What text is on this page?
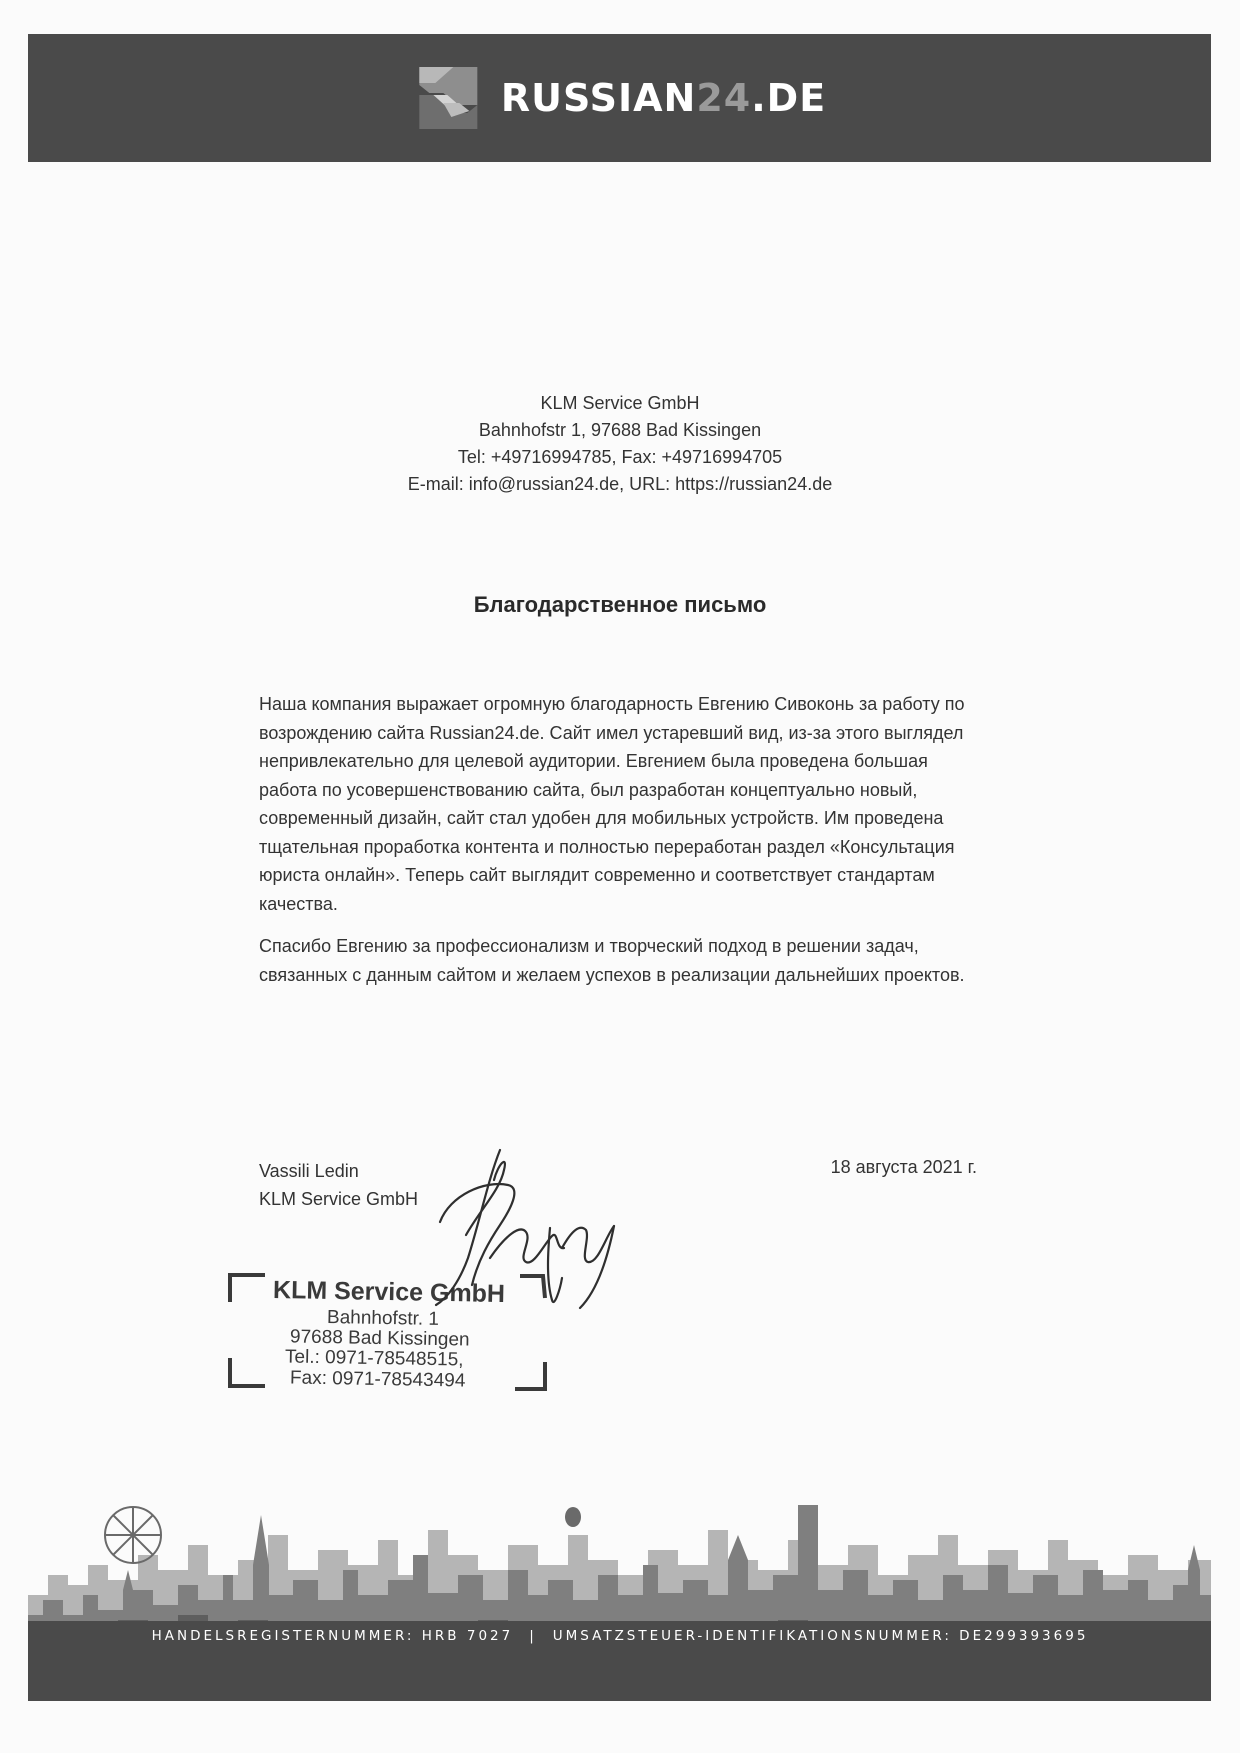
RUSSIAN24.DE
KLM Service GmbH
Bahnhofstr 1, 97688 Bad Kissingen
Tel: +49716994785, Fax: +49716994705
E-mail: info@russian24.de, URL: https://russian24.de
Благодарственное письмо

Наша компания выражает огромную благодарность Евгению Сивоконь за работу по возрождению сайта Russian24.de. Сайт имел устаревший вид, из-за этого выглядел непривлекательно для целевой аудитории. Евгением была проведена большая работа по усовершенствованию сайта, был разработан концептуально новый, современный дизайн, сайт стал удобен для мобильных устройств. Им проведена тщательная проработка контента и полностью переработан раздел «Консультация юриста онлайн». Теперь сайт выглядит современно и соответствует стандартам качества.

Спасибо Евгению за профессионализм и творческий подход в решении задач, связанных с данным сайтом и желаем успехов в реализации дальнейших проектов.

Vassili Ledin
KLM Service GmbH
18 августа 2021 г.
KLM Service GmbH
Bahnhofstr. 1
97688 Bad Kissingen
Tel.: 0971-78548515,
Fax: 0971-78543494
HANDELSREGISTERNUMMER: HRB 7027 | UMSATZSTEUER-IDENTIFIKATIONSNUMMER: DE299393695
